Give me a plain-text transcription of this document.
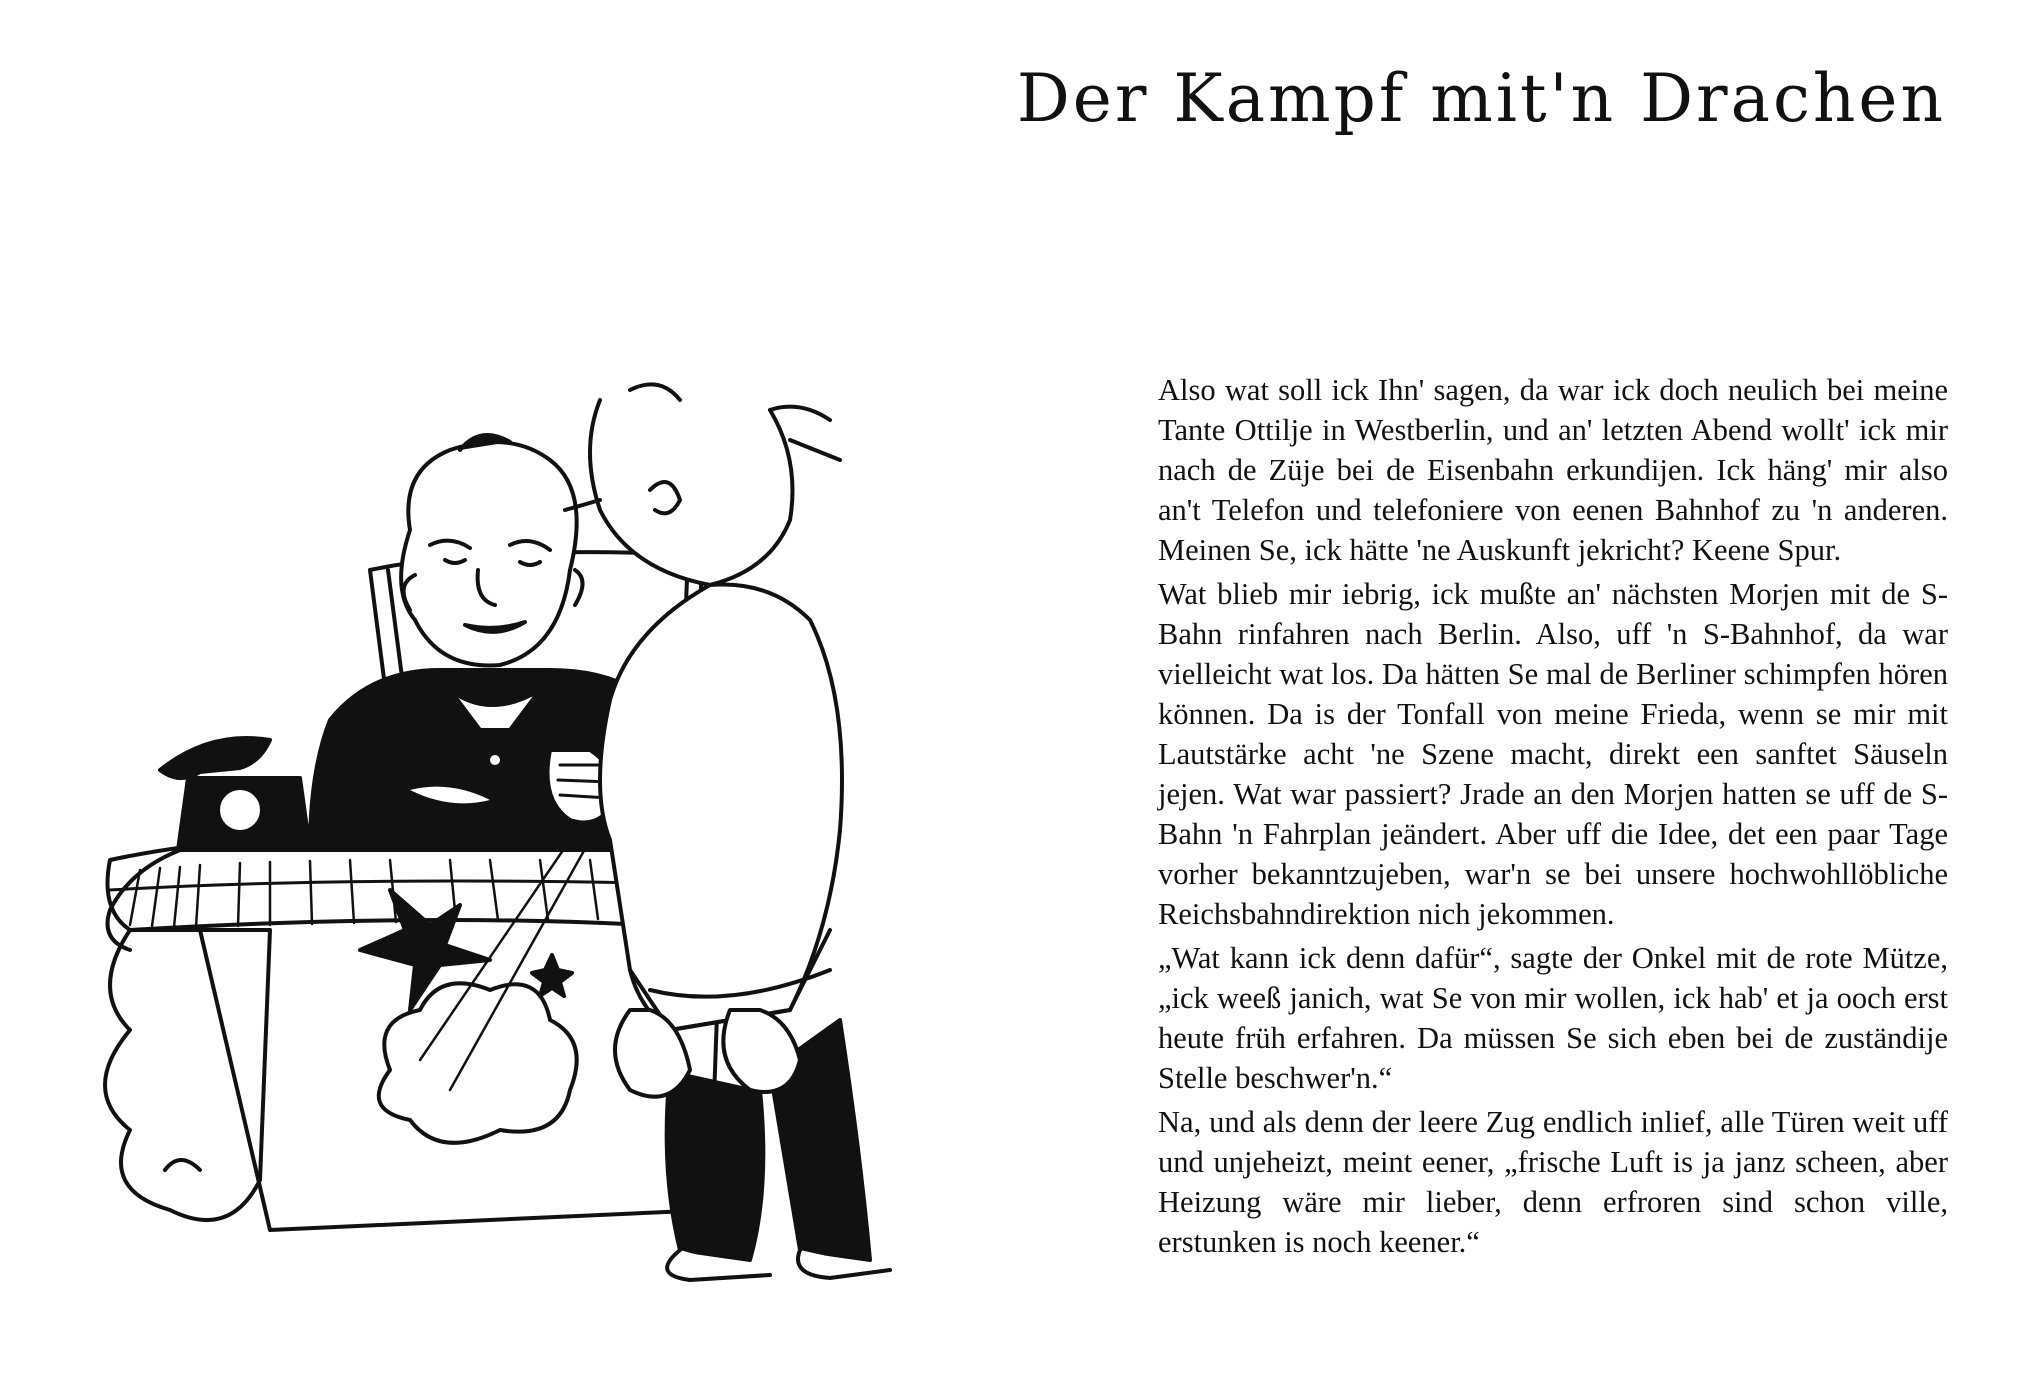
Der Kampf mit'n Drachen

Also wat soll ick Ihn' sagen, da war ick doch neulich bei meine Tante Ottilje in Westberlin, und an' letzten Abend wollt' ick mir nach de Züje bei de Eisenbahn erkundijen. Ick häng' mir also an't Telefon und telefoniere von eenen Bahnhof zu 'n anderen. Meinen Se, ick hätte 'ne Auskunft jekricht? Keene Spur.

Wat blieb mir iebrig, ick mußte an' nächsten Morjen mit de S-Bahn rinfahren nach Berlin. Also, uff 'n S-Bahnhof, da war vielleicht wat los. Da hätten Se mal de Berliner schimpfen hören können. Da is der Tonfall von meine Frieda, wenn se mir mit Lautstärke acht 'ne Szene macht, direkt een sanftet Säuseln jejen. Wat war passiert? Jrade an den Morjen hatten se uff de S-Bahn 'n Fahrplan jeändert. Aber uff die Idee, det een paar Tage vorher bekanntzujeben, war'n se bei unsere hochwohllöbliche Reichsbahndirektion nich jekommen.

„Wat kann ick denn dafür“, sagte der Onkel mit de rote Mütze, „ick weeß janich, wat Se von mir wollen, ick hab' et ja ooch erst heute früh erfahren. Da müssen Se sich eben bei de zuständije Stelle beschwer'n.“

Na, und als denn der leere Zug endlich inlief, alle Türen weit uff und unjeheizt, meint eener, „frische Luft is ja janz scheen, aber Heizung wäre mir lieber, denn erfroren sind schon ville, erstunken is noch keener.“
